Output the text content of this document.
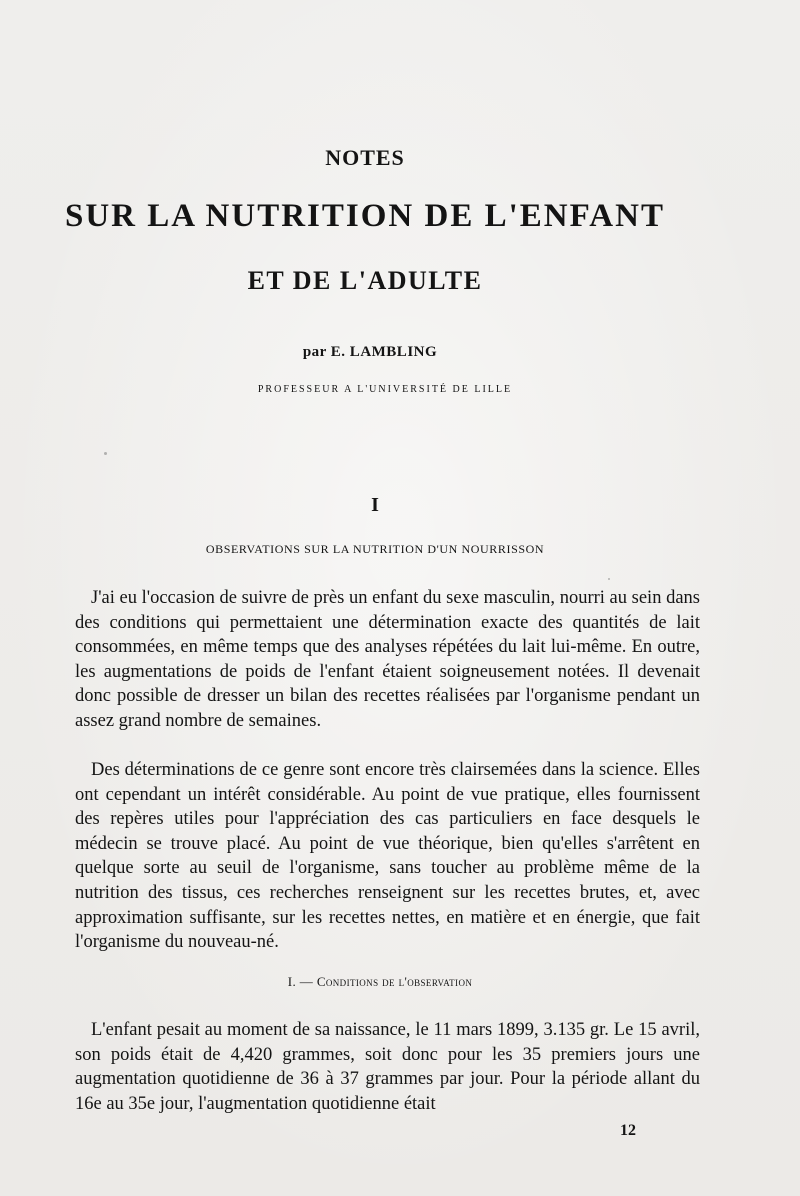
NOTES
SUR LA NUTRITION DE L'ENFANT
ET DE L'ADULTE
par E. LAMBLING
PROFESSEUR A L'UNIVERSITÉ DE LILLE
I
OBSERVATIONS SUR LA NUTRITION D'UN NOURRISSON

J'ai eu l'occasion de suivre de près un enfant du sexe masculin, nourri au sein dans des conditions qui permettaient une détermination exacte des quantités de lait consommées, en même temps que des analyses répétées du lait lui-même. En outre, les augmentations de poids de l'enfant étaient soigneusement notées. Il devenait donc possible de dresser un bilan des recettes réalisées par l'organisme pendant un assez grand nombre de semaines.

Des déterminations de ce genre sont encore très clairsemées dans la science. Elles ont cependant un intérêt considérable. Au point de vue pratique, elles fournissent des repères utiles pour l'appréciation des cas particuliers en face desquels le médecin se trouve placé. Au point de vue théorique, bien qu'elles s'arrêtent en quelque sorte au seuil de l'organisme, sans toucher au problème même de la nutrition des tissus, ces recherches renseignent sur les recettes brutes, et, avec approximation suffisante, sur les recettes nettes, en matière et en énergie, que fait l'organisme du nouveau-né.

I. — Conditions de l'observation

L'enfant pesait au moment de sa naissance, le 11 mars 1899, 3.135 gr. Le 15 avril, son poids était de 4,420 grammes, soit donc pour les 35 premiers jours une augmentation quotidienne de 36 à 37 grammes par jour. Pour la période allant du 16e au 35e jour, l'augmentation quotidienne était

12
